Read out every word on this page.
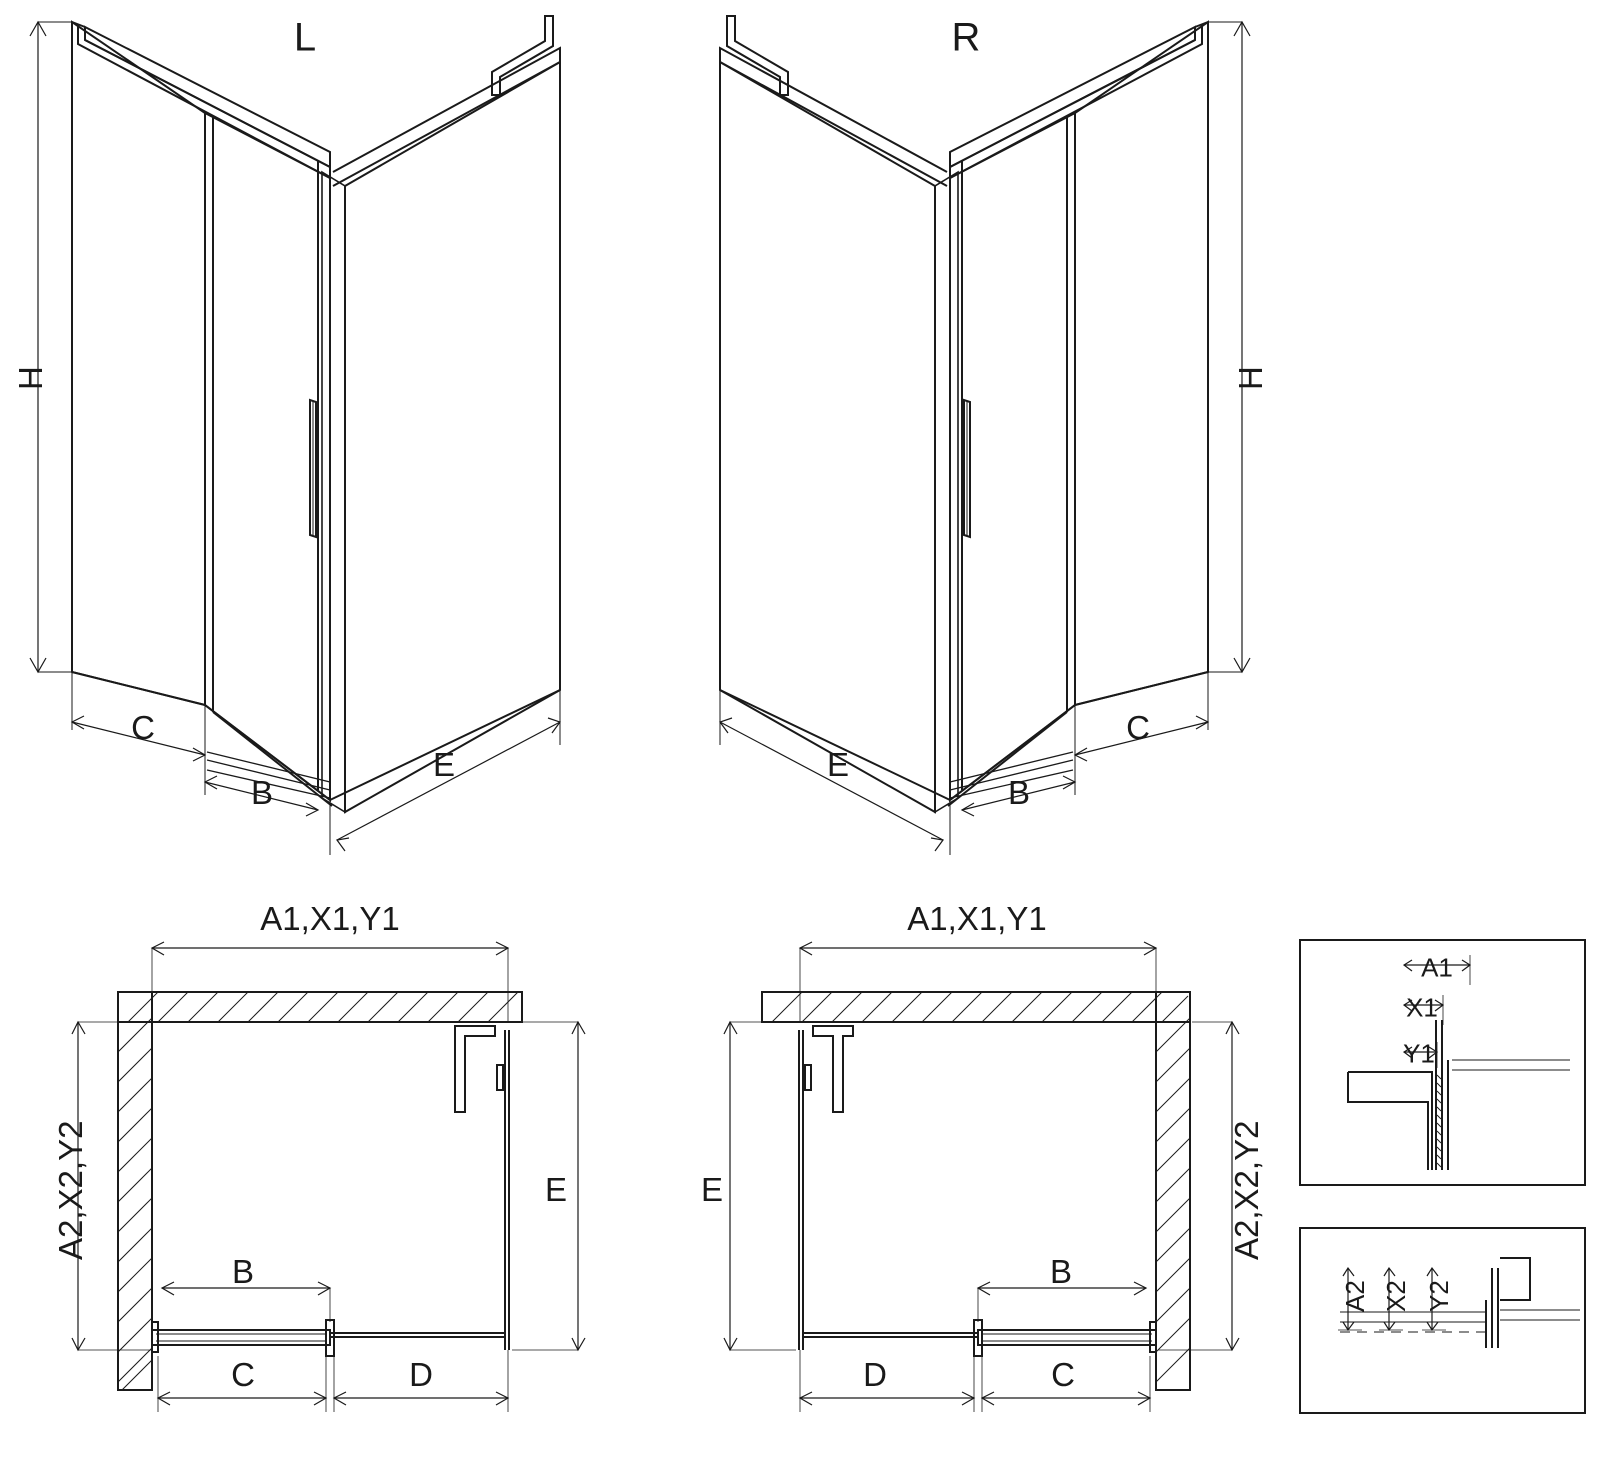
L	R
H
C
B
E
H
E
B
C
A1,X1,Y1
A2,X2,Y2	E
B
C	D
A1,X1,Y1
A2,X2,Y2
E
B
D	C
A1
X1
Y1
A2 X2 Y2
